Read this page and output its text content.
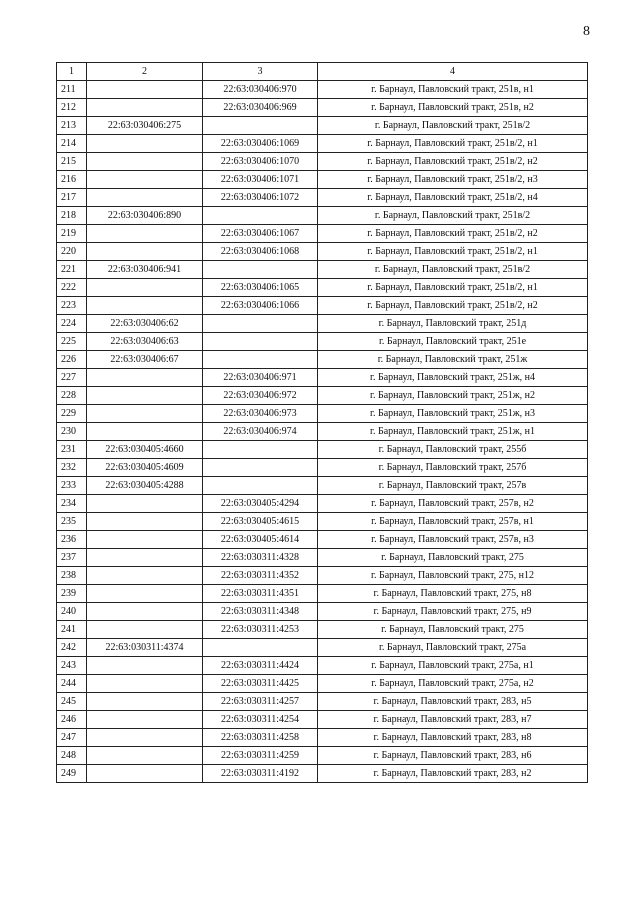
8
1	2	3	4
211		22:63:030406:970	г. Барнаул, Павловский тракт, 251в, н1
212		22:63:030406:969	г. Барнаул, Павловский тракт, 251в, н2
213	22:63:030406:275		г. Барнаул, Павловский тракт, 251в/2
214		22:63:030406:1069	г. Барнаул, Павловский тракт, 251в/2, н1
215		22:63:030406:1070	г. Барнаул, Павловский тракт, 251в/2, н2
216		22:63:030406:1071	г. Барнаул, Павловский тракт, 251в/2, н3
217		22:63:030406:1072	г. Барнаул, Павловский тракт, 251в/2, н4
218	22:63:030406:890		г. Барнаул, Павловский тракт, 251в/2
219		22:63:030406:1067	г. Барнаул, Павловский тракт, 251в/2, н2
220		22:63:030406:1068	г. Барнаул, Павловский тракт, 251в/2, н1
221	22:63:030406:941		г. Барнаул, Павловский тракт, 251в/2
222		22:63:030406:1065	г. Барнаул, Павловский тракт, 251в/2, н1
223		22:63:030406:1066	г. Барнаул, Павловский тракт, 251в/2, н2
224	22:63:030406:62		г. Барнаул, Павловский тракт, 251д
225	22:63:030406:63		г. Барнаул, Павловский тракт, 251е
226	22:63:030406:67		г. Барнаул, Павловский тракт, 251ж
227		22:63:030406:971	г. Барнаул, Павловский тракт, 251ж, н4
228		22:63:030406:972	г. Барнаул, Павловский тракт, 251ж, н2
229		22:63:030406:973	г. Барнаул, Павловский тракт, 251ж, н3
230		22:63:030406:974	г. Барнаул, Павловский тракт, 251ж, н1
231	22:63:030405:4660		г. Барнаул, Павловский тракт, 255б
232	22:63:030405:4609		г. Барнаул, Павловский тракт, 257б
233	22:63:030405:4288		г. Барнаул, Павловский тракт, 257в
234		22:63:030405:4294	г. Барнаул, Павловский тракт, 257в, н2
235		22:63:030405:4615	г. Барнаул, Павловский тракт, 257в, н1
236		22:63:030405:4614	г. Барнаул, Павловский тракт, 257в, н3
237		22:63:030311:4328	г. Барнаул, Павловский тракт, 275
238		22:63:030311:4352	г. Барнаул, Павловский тракт, 275, н12
239		22:63:030311:4351	г. Барнаул, Павловский тракт, 275, н8
240		22:63:030311:4348	г. Барнаул, Павловский тракт, 275, н9
241		22:63:030311:4253	г. Барнаул, Павловский тракт, 275
242	22:63:030311:4374		г. Барнаул, Павловский тракт, 275а
243		22:63:030311:4424	г. Барнаул, Павловский тракт, 275а, н1
244		22:63:030311:4425	г. Барнаул, Павловский тракт, 275а, н2
245		22:63:030311:4257	г. Барнаул, Павловский тракт, 283, н5
246		22:63:030311:4254	г. Барнаул, Павловский тракт, 283, н7
247		22:63:030311:4258	г. Барнаул, Павловский тракт, 283, н8
248		22:63:030311:4259	г. Барнаул, Павловский тракт, 283, н6
249		22:63:030311:4192	г. Барнаул, Павловский тракт, 283, н2
